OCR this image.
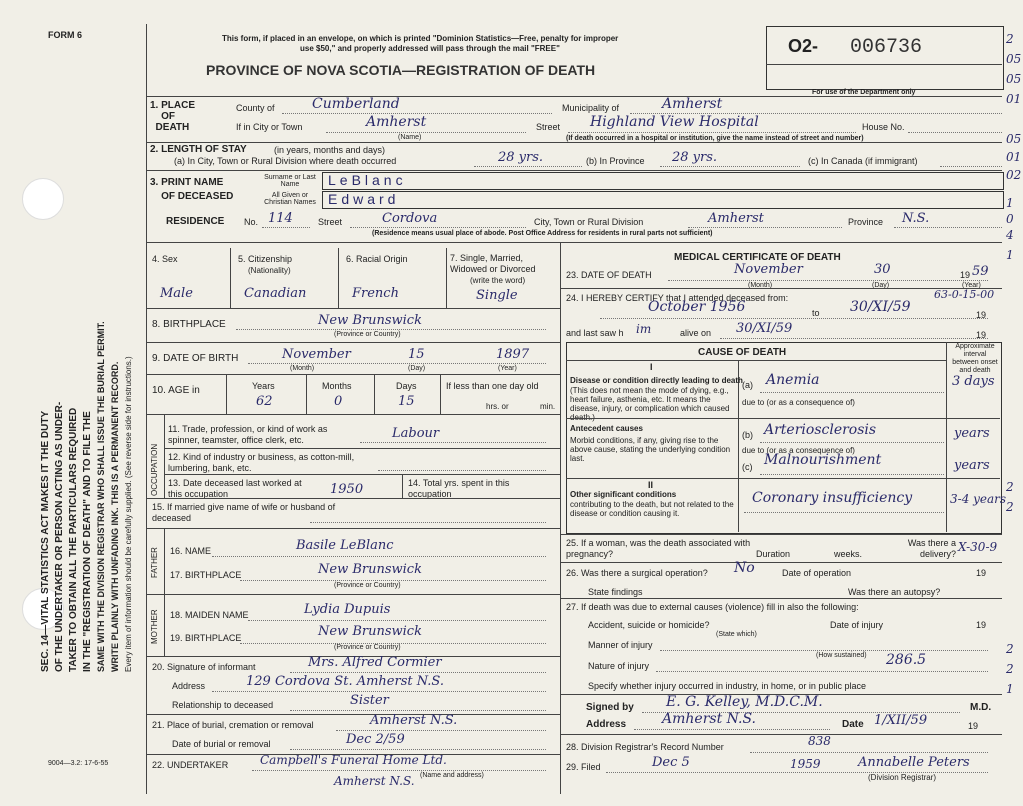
FORM 6
SEC. 14—VITAL STATISTICS ACT MAKES IT THE DUTY OF THE UNDERTAKER OR PERSON ACTING AS UNDER- TAKER TO OBTAIN ALL THE PARTICULARS REQUIRED IN THE "REGISTRATION OF DEATH" AND TO FILE THE SAME WITH THE DIVISION REGISTRAR WHO SHALL ISSUE THE BURIAL PERMIT. WRITE PLAINLY WITH UNFADING INK. THIS IS A PERMANENT RECORD. Every item of information should be carefully supplied. (See reverse side for instructions.)
9004—3.2: 17-6-55
This form, if placed in an envelope, on which is printed "Dominion Statistics—Free, penalty for improper
use $50," and properly addressed will pass through the mail "FREE"
PROVINCE OF NOVA SCOTIA—REGISTRATION OF DEATH
O2- 006736
For use of the Department only
1. PLACE
OF
DEATH
County of	Cumberland	Municipality of	Amherst
If in City or Town	Amherst
(Name)
Street Highland View Hospital	House No.
(If death occurred in a hospital or institution, give the name instead of street and number)
2. LENGTH OF STAY	(in years, months and days)
(a) In City, Town or Rural Division where death occurred	28 yrs.	(b) In Province 28 yrs.	(c) In Canada (if immigrant)
3. PRINT NAME
OF DECEASED
Surname or Last Name	LeBlanc
All Given or Christian Names Edward
RESIDENCE No. 114	Street	Cordova	City, Town or Rural Division	Amherst	Province N.S.
(Residence means usual place of abode. Post Office Address for residents in rural parts not sufficient)
4. Sex
Male
5. Citizenship
(Nationality)
Canadian
6. Racial Origin
French
7. Single, Married, Widowed or Divorced
(write the word)
Single
8. BIRTHPLACE	New Brunswick
(Province or Country)
9. DATE OF BIRTH	November	15	1897
(Month)	(Day)	(Year)
10. AGE in	Years	Months	Days
62	0	15
If less than one day old
hrs. or	min.
OCCUPATION
11. Trade, profession, or kind of work as spinner, teamster, office clerk, etc.	Labour
12. Kind of industry or business, as cotton-mill, lumbering, bank, etc.
13. Date deceased last worked at this occupation	1950	14. Total yrs. spent in this occupation
15. If married give name of wife or husband of deceased
FATHER 16. NAME	Basile LeBlanc
17. BIRTHPLACE	New Brunswick
(Province or Country)
MOTHER 18. MAIDEN NAME	Lydia Dupuis
19. BIRTHPLACE	New Brunswick
(Province or Country)
20. Signature of informant	Mrs. Alfred Cormier
Address	129 Cordova St. Amherst N.S.
Relationship to deceased	Sister
21. Place of burial, cremation or removal	Amherst N.S.
Date of burial or removal	Dec 2/59
22. UNDERTAKER	Campbell's Funeral Home Ltd.
Amherst N.S. (Name and address)
MEDICAL CERTIFICATE OF DEATH
23. DATE OF DEATH	November	30	19 59
(Month)	(Day)	(Year)
24. I HEREBY CERTIFY that I attended deceased from:	63-0-15-00
October 1956	to 30/XI/59	19
and last saw h im	alive on 30/XI/59	19
CAUSE OF DEATH
Approximate interval between onset and death
I
Disease or condition directly leading to death
(This does not mean the mode of dying, e.g., heart failure, asthenia, etc. It means the disease, injury, or complication which caused death.)
(a) Anemia	3 days
due to (or as a consequence of)
Antecedent causes
Morbid conditions, if any, giving rise to the above cause, stating the underlying condition last.
(b) Arteriosclerosis	years
due to (or as a consequence of)
(c) Malnourishment	years
II
Other significant conditions
contributing to the death, but not related to the disease or condition causing it.
Coronary insufficiency	3-4 years
25. If a woman, was the death associated with pregnancy?	Duration	weeks.
Was there a delivery? X-30-9
26. Was there a surgical operation? No	Date of operation	19
State findings	Was there an autopsy?
27. If death was due to external causes (violence) fill in also the following:
Accident, suicide or homicide?	Date of injury	19
(State which)
Manner of injury
(How sustained)
Nature of injury	286.5
Specify whether injury occurred in industry, in home, or in public place
Signed by E. G. Kelley, M.D.C.M.	M.D.
Address	Amherst N.S.	Date 1/XII/59	19
28. Division Registrar's Record Number	838
29. Filed	Dec 5	1959	Annabelle Peters
(Division Registrar)
2
05
05
01
05
01
02
1
0
4
1
2
2
2
2
1
